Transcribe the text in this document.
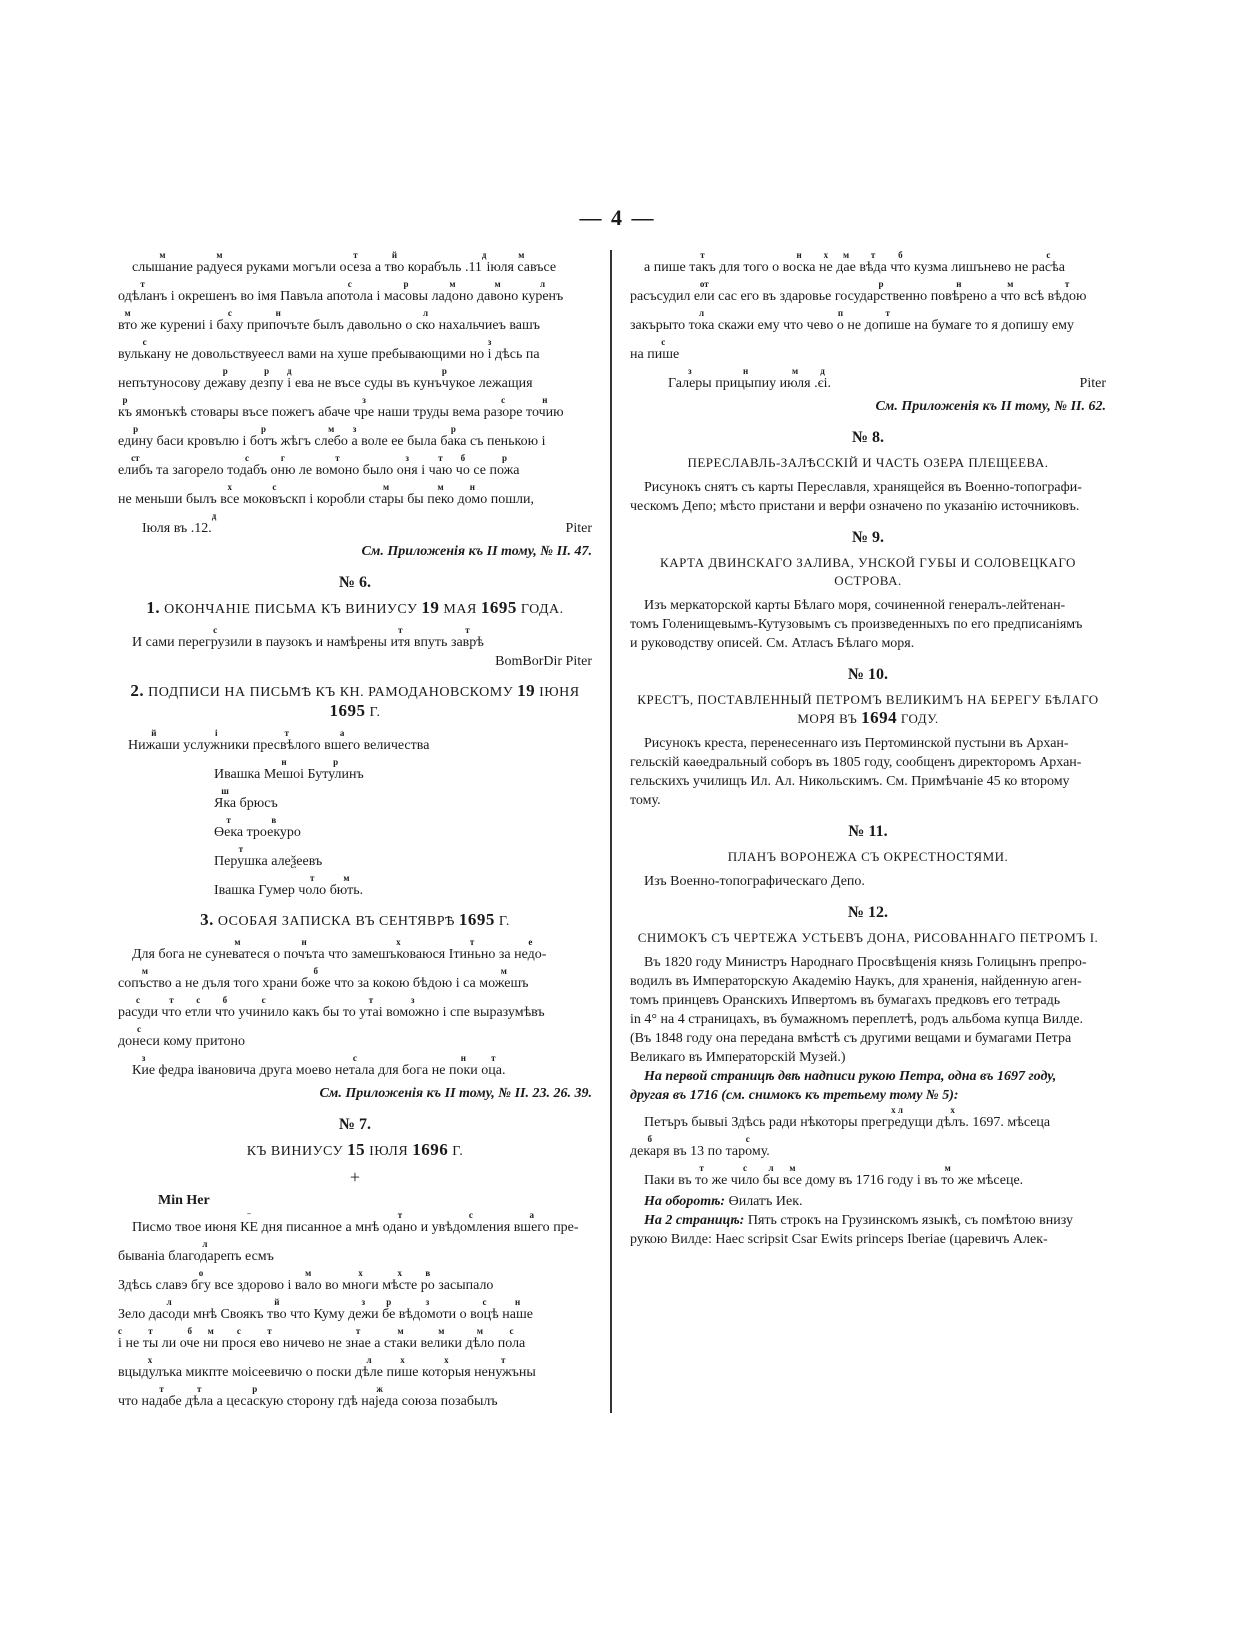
— 4 —
м
слышание

м
радуеся
руками
могъли

т
осеза
а

й
тво
корабъль
.11
д
	м
іюля савъсе
т
одѣланъ
і
окрешенъ
во
імя
Павъла

с
апотола
і

р
масовы

м
ладоно

м
давоно

л
куренъ
м
вто
же
курениі
і

с
баху

н
припочъте
былъ
давольно
о

л
ско
нахальчиеъ
вашъ
с
вулькану
не
довольствуеесл
вами
на
хуше
пребывающими
но

з
і
дѣсь
па
непътуносову

р
дежаву

р
дезпу

д
і
ева
не
въсе
суды
въ

р
кунъчукое
лежащия
р
къ
ямонъкѣ
стовары
въсе
пожегъ
абаче

з
чре
наши
труды
вема

с
разоре

н
точию
р
едину
баси
кровълю
і

р
ботъ
жѣгъ

м
слебо

з
а
воле
ее
была

р
бака
съ
пенькою
і
ст
елибъ
та
загорело

с
тодабъ

г
оню
ле

т
вомоно
было

з
оня
і

т
чаю

б
чо
се

р
пожа
не
меньши
былъ

х
все

с
моковъскп
і
коробли

м
стары
бы

м
пеко

н
домо
пошли,
Іюля въ .12.
д

Piter
См. Приложенія къ II тому, № II. 47.
№ 6.
1. ОКОНЧАНІЕ ПИСЬМА КЪ ВИНИУСУ 19 МАЯ 1695 ГОДА.
И
сами

с
перегрузили
в
паузокъ
и
намѣрены

т
итя
впуть

т
заврѣ
BomBorDir Piter
2. ПОДПИСИ НА ПИСЬМѢ КЪ КН. РАМОДАНОВСКОМУ 19 ІЮНЯ 1695 Г.
й
Нижаши

і
услужники

т
пресвѣлого

а
вшего
величества
Ивашка

н
Мешоі

р
Бутулинъ
ш
Яка
брюсъ
т
Өека

в
троекуро
т
Перушка
алеѯеевъ
Івашка
Гумер

т
чоло

м
бють.
3. ОСОБАЯ ЗАПИСКА ВЪ СЕНТЯВРѢ 1695 Г.
Для
бога
не

м
суневатеся
о

н
почъта
что

х
замешъковаюся

т
Ітиньно
за

е
недо-
м
сопъство
а
не
дъля
того
храни

б
боже
что
за
кокою
бѣдою
і
са

м
можешъ
с
расуди

т
что

с
етли

б
что

с
учинило
какъ
бы
то

т
утаі

з
воможно
і
спе
выразумѣвъ
с
донеси
кому
притоно
з
Кие
федра
івановича
друга
моево

с
нетала
для
бога
не

н
поки

т
оца.
См. Приложенія къ II тому, № II. 23. 26. 39.
№ 7.
КЪ ВИНИУСУ 15 ІЮЛЯ 1696 Г.
+
Min Her
Писмо
твое
июня

⁻
КЕ
дня
писанное
а
мнѣ

т
одано
и

с
увѣдомления

а
вшего
пре-
бываніа

л
благодарепъ
есмъ
Здѣсь
славэ

о
бгу
все
здорово
і

м
вало
во

х
многи

х
мѣсте

в
ро
засыпало
Зело

л
дасоди
мнѣ
Своякъ

й
тво
что
Куму

з
дежи

р
бе

з
вѣдомоти
о

с
воцѣ

н
наше
с
і
не

т
ты
ли

б
оче

м
ни

с
прося

т
ево
ничево
не

т
знае
а

м
стаки

м
велики

м
дѣло

с
пола
х
вцыдулъка
микпте
моісеевичю
о
поски

л
дѣле

х
пише

х
которыя
т
ненужъны
что

т
надабе

т
дѣла
а

р
цесаскую
сторону
гдѣ

ж
наjеда
союза
позабылъ
а
пише

т
такъ
для
того
о

н
воска

х
не

м
дае

т
вѣда

б
что
кузма
лишънево
не

с
расѣа
расъсудил

от
ели
сас
его
въ
здаровье

р
государственно

н
повѣрено
а

м
что
всѣ

т
вѣдою
закърыто

л
тока
скажи
ему
что
чево

п
о
не

т
допише
на
бумаге
то
я
допишу
ему
на

с
пише
з
Галеры

н
прицыпиу

м
июля

д
.єі.	Piter
См. Приложенія къ II тому, № II. 62.
№ 8.
ПЕРЕСЛАВЛЬ-ЗАЛѢССКІЙ И ЧАСТЬ ОЗЕРА ПЛЕЩЕЕВА.
Рисунокъ снятъ съ карты Переславля, хранящейся въ Военно-топографи-
ческомъ Депо; мѣсто пристани и верфи означено по указанію источниковъ.
№ 9.
КАРТА ДВИНСКАГО ЗАЛИВА, УНСКОЙ ГУБЫ И СОЛОВЕЦКАГО ОСТРОВА.
Изъ меркаторской карты Бѣлаго моря, сочиненной генералъ-лейтенан-
томъ Голенищевымъ-Кутузовымъ съ произведенныхъ по его предписаніямъ
и руководству описей. См. Атласъ Бѣлаго моря.
№ 10.
КРЕСТЪ, ПОСТАВЛЕННЫЙ ПЕТРОМЪ ВЕЛИКИМЪ НА БЕРЕГУ БѢЛАГО
МОРЯ ВЪ 1694 ГОДУ.
Рисунокъ креста, перенесеннаго изъ Пертоминской пустыни въ Архан-
гельскій каѳедральный соборъ въ 1805 году, сообщенъ директоромъ Архан-
гельскихъ училищъ Ил. Ал. Никольскимъ. См. Примѣчаніе 45 ко второму
тому.
№ 11.
ПЛАНЪ ВОРОНЕЖА СЪ ОКРЕСТНОСТЯМИ.
Изъ Военно-топографическаго Депо.
№ 12.
СНИМОКЪ СЪ ЧЕРТЕЖА УСТЬЕВЪ ДОНА, РИСОВАННАГО ПЕТРОМЪ I.
Въ 1820 году Министръ Народнаго Просвѣщенія князь Голицынъ препро-
водилъ въ Императорскую Академію Наукъ, для храненія, найденную аген-
томъ принцевъ Оранскихъ Ипвертомъ въ бумагахъ предковъ его тетрадь
in 4° на 4 страницахъ, въ бумажномъ переплетѣ, родъ альбома купца Вилде.
(Въ 1848 году она передана вмѣстѣ съ другими вещами и бумагами Петра
Великаго въ Императорскій Музей.)
На первой страницѣ двѣ надписи рукою Петра, одна въ 1697 году,
другая въ 1716 (см. снимокъ къ третьему тому № 5):
Петъръ
бывыі
Здѣсь
ради
нѣкоторы

х л
прегредущи

х
дѣлъ.
1697.
мѣсеца
б
декаря
въ
13
по

с
тарому.
Паки
въ

т
то
же

с
чило

л
бы

м
все
дому
въ
1716
году
і
въ

м
то
же
мѣсеце.
На оборотѣ: Өилатъ Иек.
На 2 страницѣ: Пять строкъ на Грузинскомъ языкѣ, съ помѣтою внизу
рукою Вилде: Haec scripsit Csar Ewits princeps Iberiae (царевичъ Алек-
